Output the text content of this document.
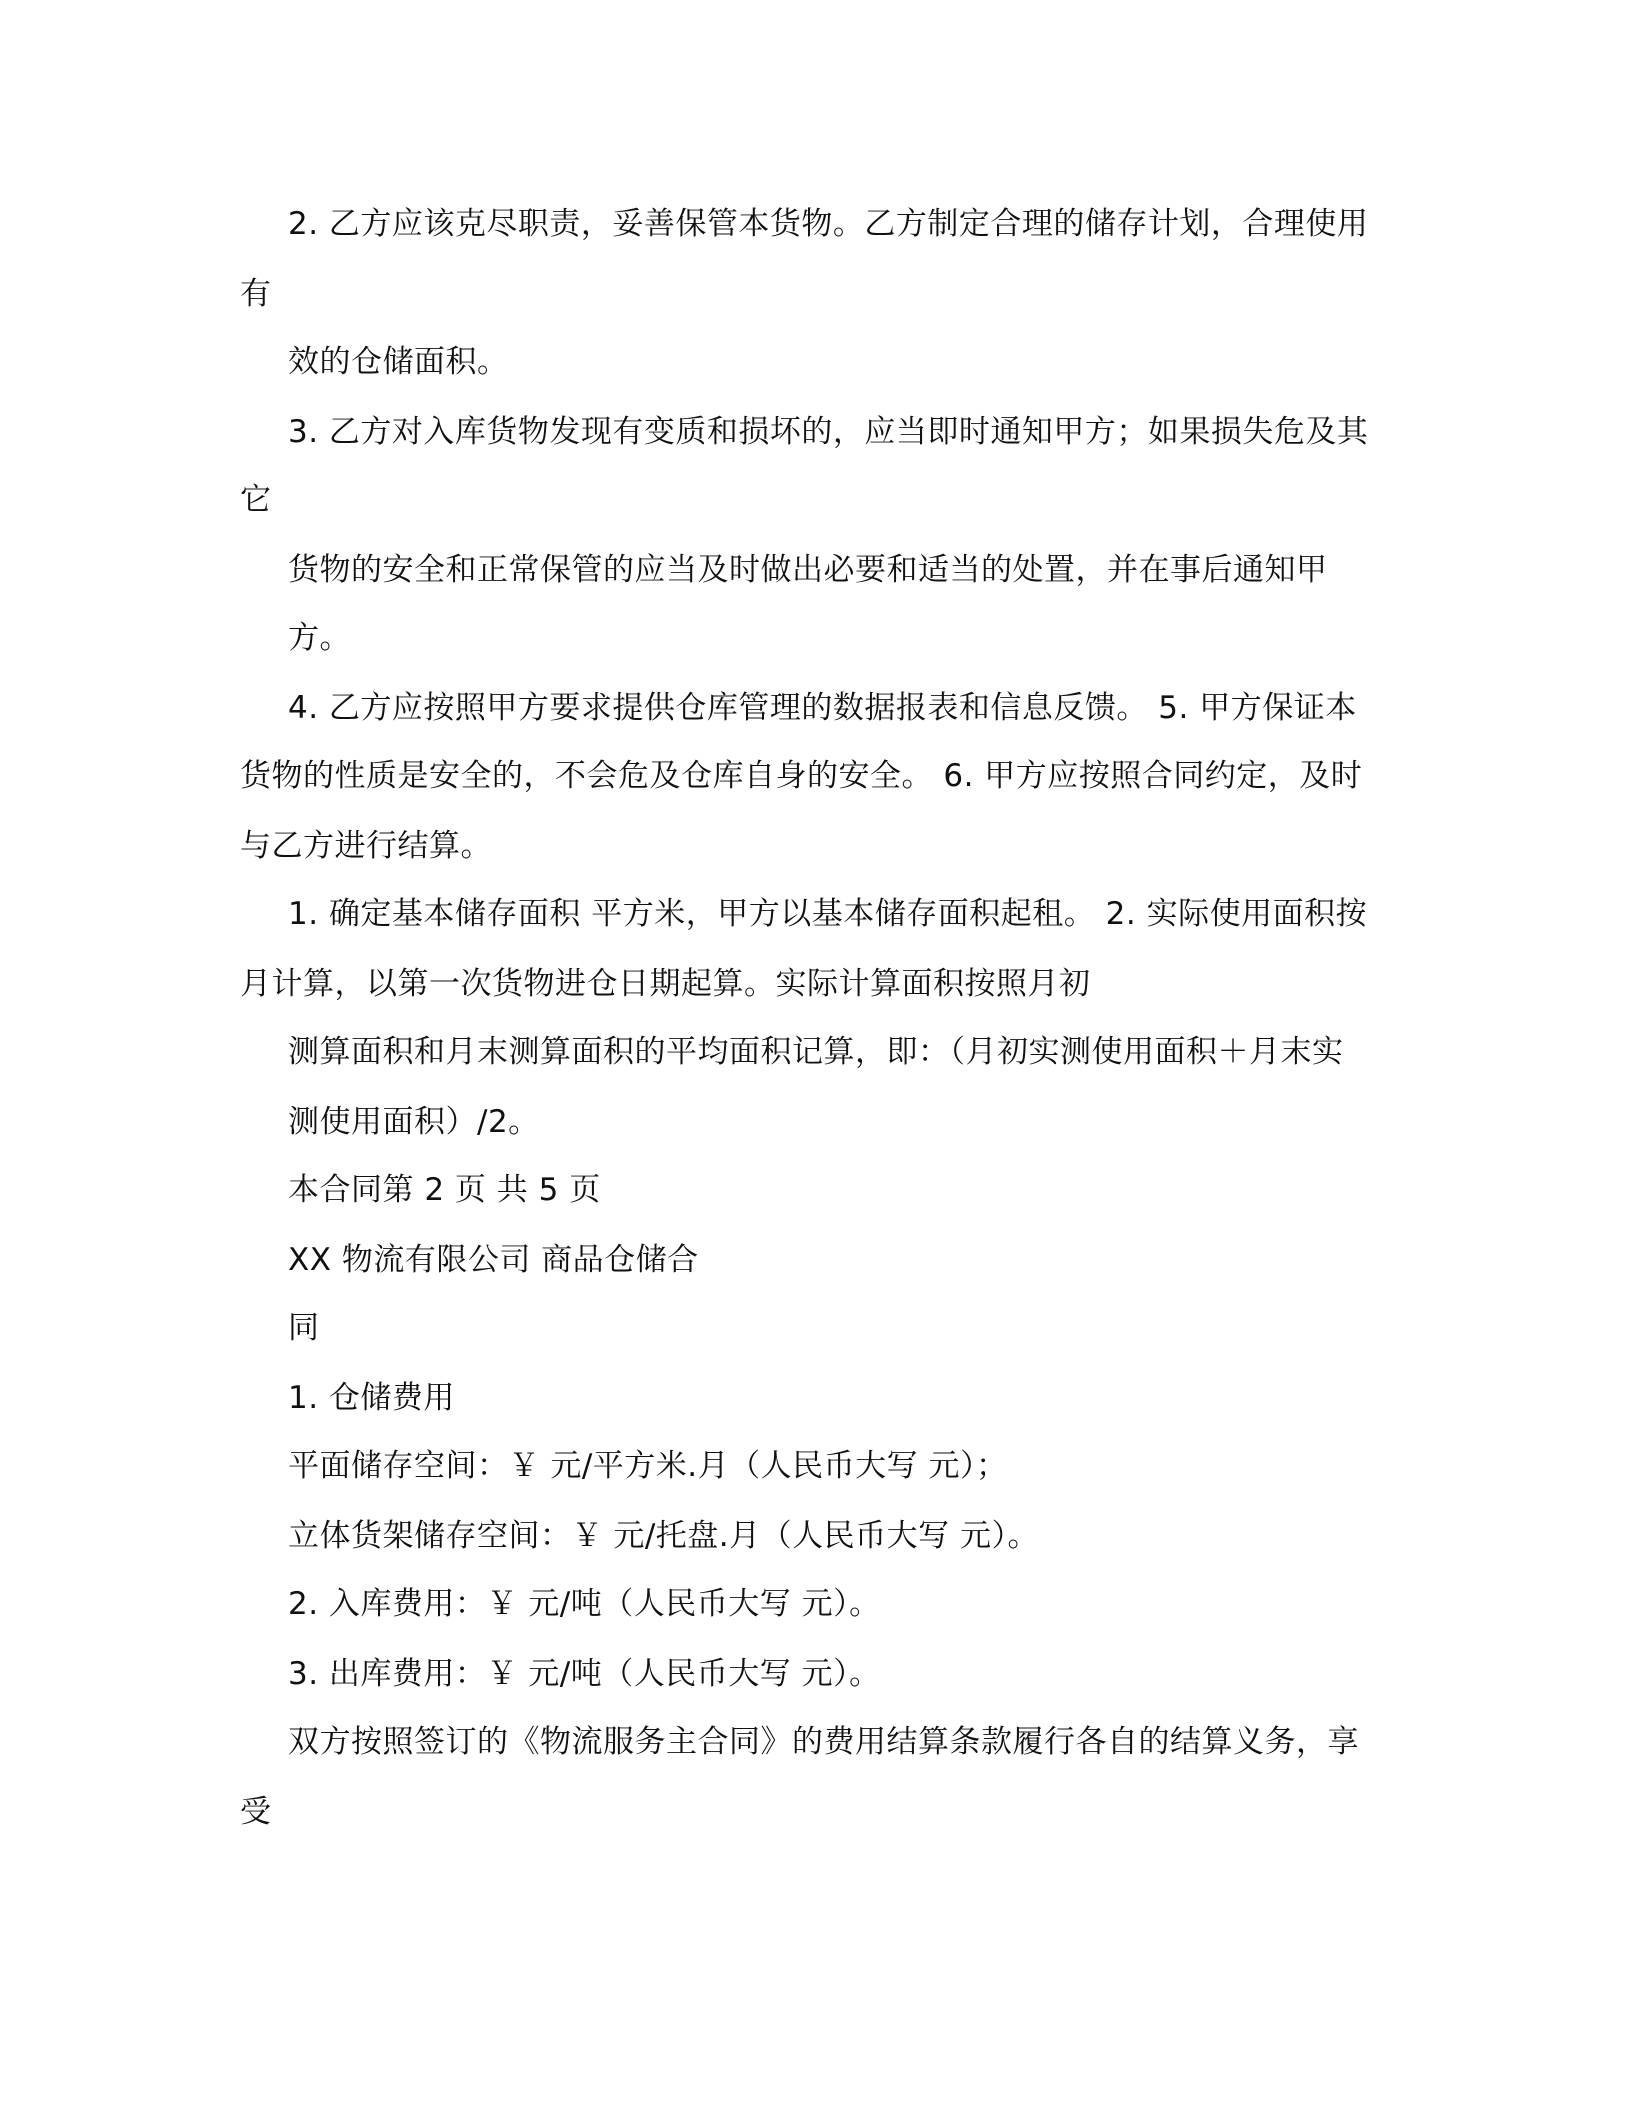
2. 乙方应该克尽职责，妥善保管本货物。乙方制定合理的储存计划，合理使用
有
效的仓储面积。
3. 乙方对入库货物发现有变质和损坏的，应当即时通知甲方；如果损失危及其
它
货物的安全和正常保管的应当及时做出必要和适当的处置，并在事后通知甲
方。
4. 乙方应按照甲方要求提供仓库管理的数据报表和信息反馈。 5. 甲方保证本
货物的性质是安全的，不会危及仓库自身的安全。 6. 甲方应按照合同约定，及时
与乙方进行结算。
1. 确定基本储存面积 平方米，甲方以基本储存面积起租。 2. 实际使用面积按
月计算，以第一次货物进仓日期起算。实际计算面积按照月初
测算面积和月末测算面积的平均面积记算，即：（月初实测使用面积＋月末实
测使用面积）/2。
本合同第 2 页 共 5 页
XX 物流有限公司 商品仓储合
同
1. 仓储费用
平面储存空间：￥ 元/平方米.月（人民币大写 元）；
立体货架储存空间：￥ 元/托盘.月（人民币大写 元）。
2. 入库费用：￥ 元/吨（人民币大写 元）。
3. 出库费用：￥ 元/吨（人民币大写 元）。
双方按照签订的《物流服务主合同》的费用结算条款履行各自的结算义务，享
受
